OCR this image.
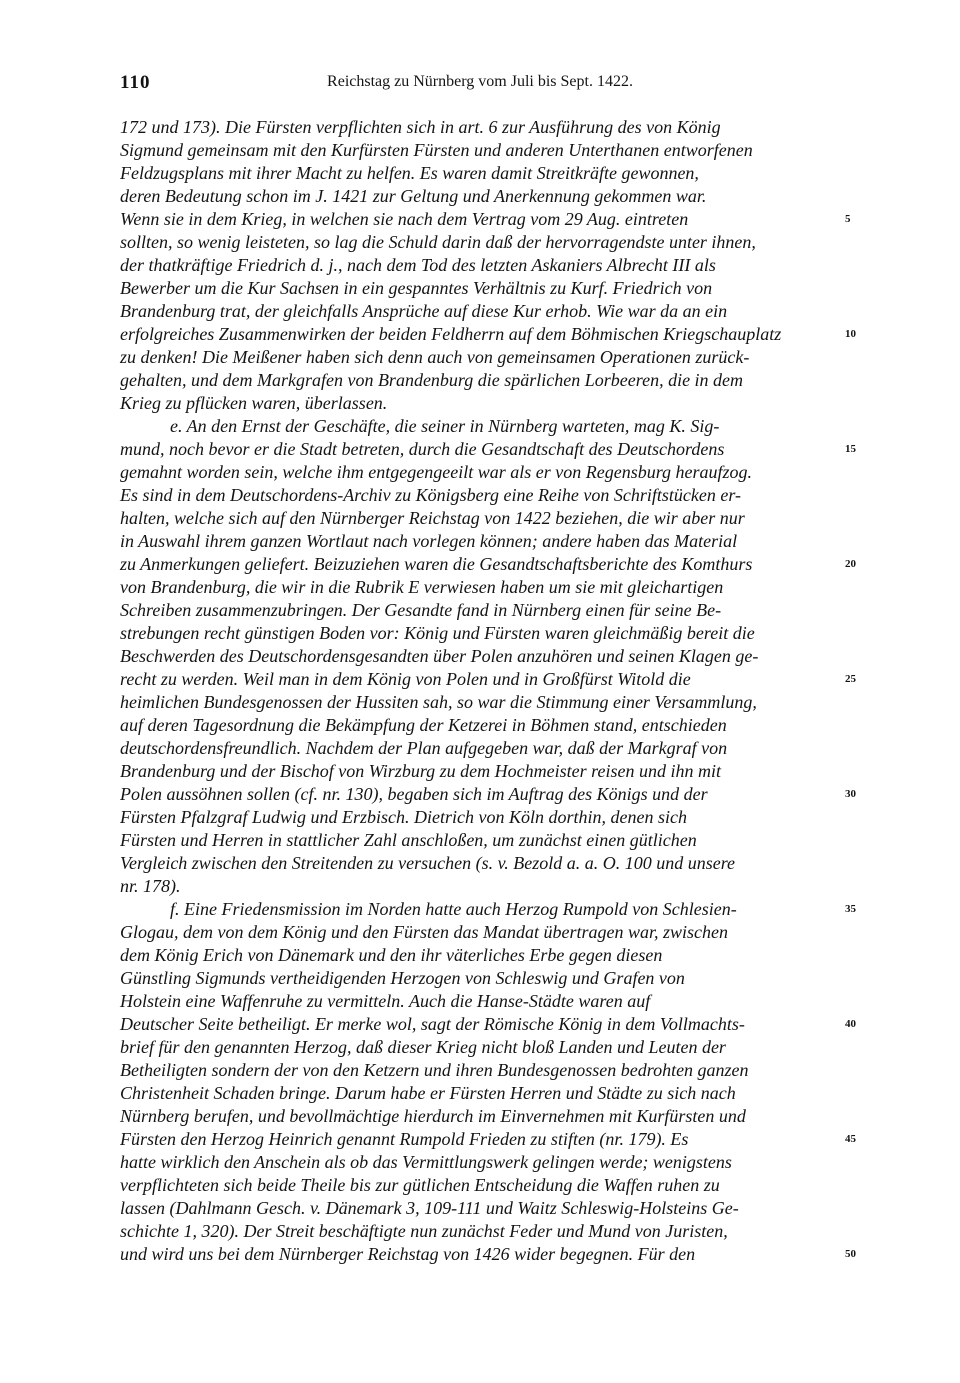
110	Reichstag zu Nürnberg vom Juli bis Sept. 1422.
172 und 173). Die Fürsten verpflichten sich in art. 6 zur Ausführung des von König
Sigmund gemeinsam mit den Kurfürsten Fürsten und anderen Unterthanen entworfenen
Feldzugsplans mit ihrer Macht zu helfen. Es waren damit Streitkräfte gewonnen,
deren Bedeutung schon im J. 1421 zur Geltung und Anerkennung gekommen war.
Wenn sie in dem Krieg, in welchen sie nach dem Vertrag vom 29 Aug. eintreten
sollten, so wenig leisteten, so lag die Schuld darin daß der hervorragendste unter ihnen,
der thatkräftige Friedrich d. j., nach dem Tod des letzten Askaniers Albrecht III als
Bewerber um die Kur Sachsen in ein gespanntes Verhältnis zu Kurf. Friedrich von
Brandenburg trat, der gleichfalls Ansprüche auf diese Kur erhob. Wie war da an ein
erfolgreiches Zusammenwirken der beiden Feldherrn auf dem Böhmischen Kriegschauplatz
zu denken! Die Meißener haben sich denn auch von gemeinsamen Operationen zurück-
gehalten, und dem Markgrafen von Brandenburg die spärlichen Lorbeeren, die in dem
Krieg zu pflücken waren, überlassen.
e. An den Ernst der Geschäfte, die seiner in Nürnberg warteten, mag K. Sig-
mund, noch bevor er die Stadt betreten, durch die Gesandtschaft des Deutschordens
gemahnt worden sein, welche ihm entgegengeeilt war als er von Regensburg heraufzog.
Es sind in dem Deutschordens-Archiv zu Königsberg eine Reihe von Schriftstücken er-
halten, welche sich auf den Nürnberger Reichstag von 1422 beziehen, die wir aber nur
in Auswahl ihrem ganzen Wortlaut nach vorlegen können; andere haben das Material
zu Anmerkungen geliefert. Beizuziehen waren die Gesandtschaftsberichte des Komthurs
von Brandenburg, die wir in die Rubrik E verwiesen haben um sie mit gleichartigen
Schreiben zusammenzubringen. Der Gesandte fand in Nürnberg einen für seine Be-
strebungen recht günstigen Boden vor: König und Fürsten waren gleichmäßig bereit die
Beschwerden des Deutschordensgesandten über Polen anzuhören und seinen Klagen ge-
recht zu werden. Weil man in dem König von Polen und in Großfürst Witold die
heimlichen Bundesgenossen der Hussiten sah, so war die Stimmung einer Versammlung,
auf deren Tagesordnung die Bekämpfung der Ketzerei in Böhmen stand, entschieden
deutschordensfreundlich. Nachdem der Plan aufgegeben war, daß der Markgraf von
Brandenburg und der Bischof von Wirzburg zu dem Hochmeister reisen und ihn mit
Polen aussöhnen sollen (cf. nr. 130), begaben sich im Auftrag des Königs und der
Fürsten Pfalzgraf Ludwig und Erzbisch. Dietrich von Köln dorthin, denen sich
Fürsten und Herren in stattlicher Zahl anschloßen, um zunächst einen gütlichen
Vergleich zwischen den Streitenden zu versuchen (s. v. Bezold a. a. O. 100 und unsere
nr. 178).
f. Eine Friedensmission im Norden hatte auch Herzog Rumpold von Schlesien-
Glogau, dem von dem König und den Fürsten das Mandat übertragen war, zwischen
dem König Erich von Dänemark und den ihr väterliches Erbe gegen diesen
Günstling Sigmunds vertheidigenden Herzogen von Schleswig und Grafen von
Holstein eine Waffenruhe zu vermitteln. Auch die Hanse-Städte waren auf
Deutscher Seite betheiligt. Er merke wol, sagt der Römische König in dem Vollmachts-
brief für den genannten Herzog, daß dieser Krieg nicht bloß Landen und Leuten der
Betheiligten sondern der von den Ketzern und ihren Bundesgenossen bedrohten ganzen
Christenheit Schaden bringe. Darum habe er Fürsten Herren und Städte zu sich nach
Nürnberg berufen, und bevollmächtige hierdurch im Einvernehmen mit Kurfürsten und
Fürsten den Herzog Heinrich genannt Rumpold Frieden zu stiften (nr. 179). Es
hatte wirklich den Anschein als ob das Vermittlungswerk gelingen werde; wenigstens
verpflichteten sich beide Theile bis zur gütlichen Entscheidung die Waffen ruhen zu
lassen (Dahlmann Gesch. v. Dänemark 3, 109-111 und Waitz Schleswig-Holsteins Ge-
schichte 1, 320). Der Streit beschäftigte nun zunächst Feder und Mund von Juristen,
und wird uns bei dem Nürnberger Reichstag von 1426 wider begegnen. Für den
5
10
15
20
25
30
35
40
45
50
